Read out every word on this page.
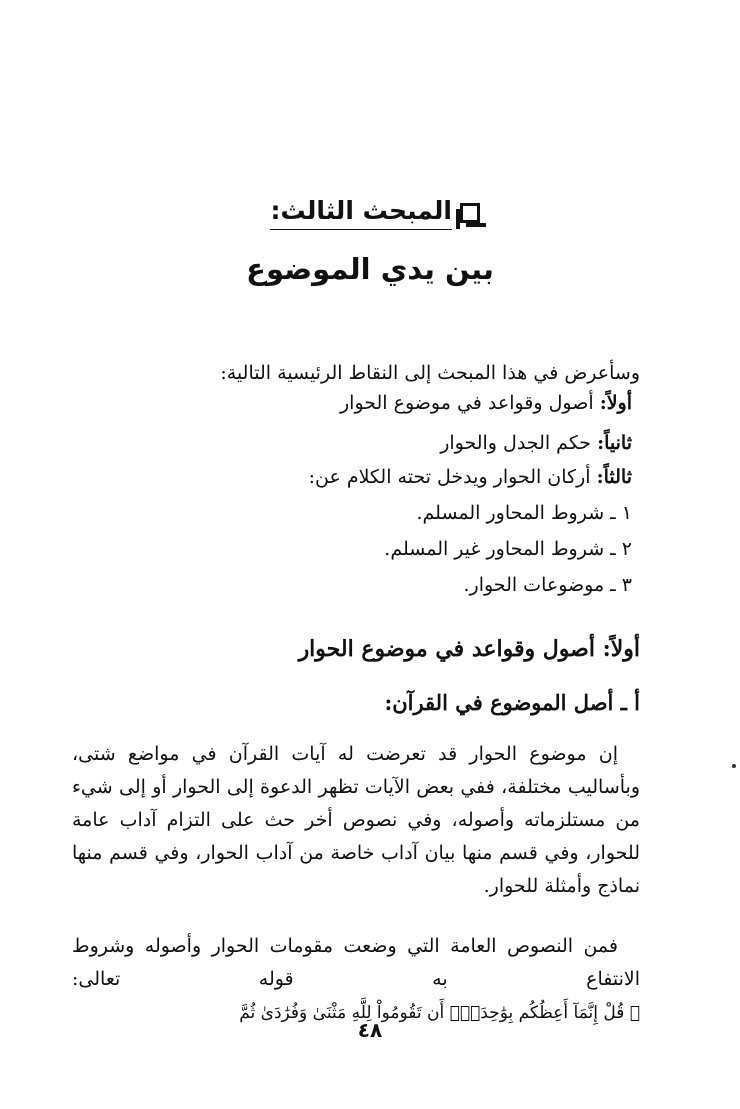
المبحث الثالث:
بين يدي الموضوع
وسأعرض في هذا المبحث إلى النقاط الرئيسية التالية:
أولاً: أصول وقواعد في موضوع الحوار
ثانياً: حكم الجدل والحوار
ثالثاً: أركان الحوار ويدخل تحته الكلام عن:
١ ـ شروط المحاور المسلم.
٢ ـ شروط المحاور غير المسلم.
٣ ـ موضوعات الحوار.
أولاً: أصول وقواعد في موضوع الحوار
أ ـ أصل الموضوع في القرآن:
إن موضوع الحوار قد تعرضت له آيات القرآن في مواضع شتى، وبأساليب مختلفة، ففي بعض الآيات تظهر الدعوة إلى الحوار أو إلى شيء من مستلزماته وأصوله، وفي نصوص أخر حث على التزام آداب عامة للحوار، وفي قسم منها بيان آداب خاصة من آداب الحوار، وفي قسم منها نماذج وأمثلة للحوار.
فمن النصوص العامة التي وضعت مقومات الحوار وأصوله وشروط الانتفاع به قوله تعالى: ﴿ قُلْ إِنَّمَآ أَعِظُكُم بِوَٰحِدَةٍۖ أَن تَقُومُواْ لِلَّهِ مَثْنَىٰ وَفُرَٰدَىٰ ثُمَّ
٤٨
